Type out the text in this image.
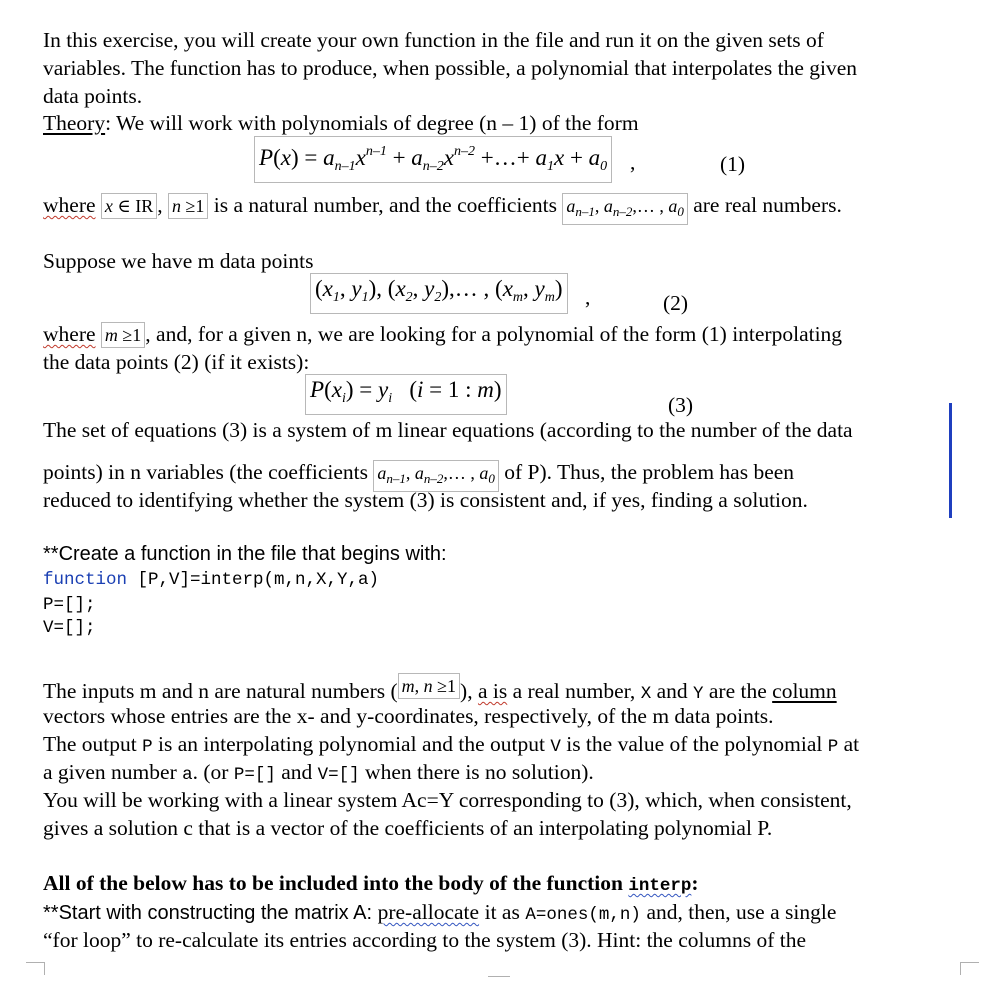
In this exercise, you will create your own function in the file and run it on the given sets of
variables. The function has to produce, when possible, a polynomial that interpolates the given
data points.
Theory: We will work with polynomials of degree (n – 1) of the form
$P(x) = a_{n-1}x^{n-1} + a_{n-2}x^{n-2}$ +…+ $a_1x + a_0$ ,	(1)
where x ∈ IR , n ≥1 is a natural number, and the coefficients $a_{n-1}$, $a_{n-2},\dots$ , $a_0$ are real numbers.
Suppose we have m data points
($x_1$, $y_1$), ($x_2$, $y_2),\dots$ , ($x_m$, $y_m$) ,	(2)
where m ≥1 , and, for a given n, we are looking for a polynomial of the form (1) interpolating
the data points (2) (if it exists):
$P(x_i) = y_i$   (i = 1 : m)
(3)
The set of equations (3) is a system of m linear equations (according to the number of the data
points) in n variables (the coefficients $a_{n-1}$, $a_{n-2},\dots$ , $a_0$ of P). Thus, the problem has been
reduced to identifying whether the system (3) is consistent and, if yes, finding a solution.
**Create a function in the file that begins with:
function [P,V]=interp(m,n,X,Y,a)
P=[];
V=[];
The inputs m and n are natural numbers ( m, n ≥1 ), a is a real number, X and Y are the column
vectors whose entries are the x- and y-coordinates, respectively, of the m data points.
The output P is an interpolating polynomial and the output V is the value of the polynomial P at
a given number a. (or P=[] and V=[] when there is no solution).
You will be working with a linear system Ac=Y corresponding to (3), which, when consistent,
gives a solution c that is a vector of the coefficients of an interpolating polynomial P.
All of the below has to be included into the body of the function interp:
**Start with constructing the matrix A: pre-allocate it as A=ones(m,n) and, then, use a single
“for loop” to re-calculate its entries according to the system (3). Hint: the columns of the
